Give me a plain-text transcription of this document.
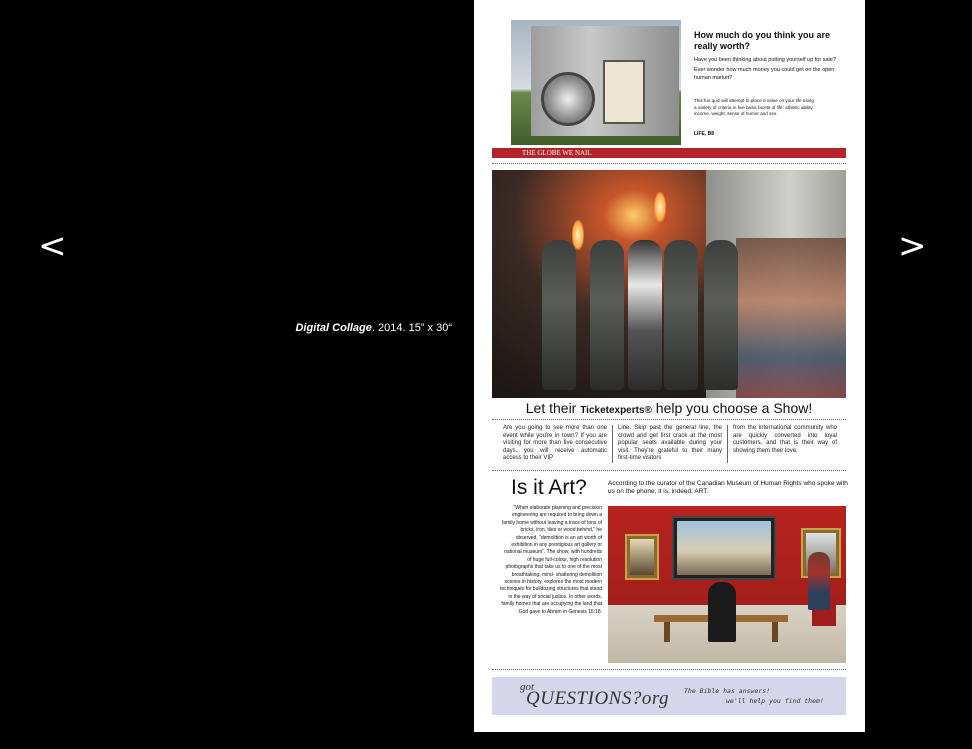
<	>
Digital Collage. 2014. 15” x 30“
How much do you think you are really worth?

Have you been thinking about putting yourself up for sale?

Ever wonder how much money you could get on the open human market?

This fun quiz will attempt to place a value on your life using a variety of criteria in five basic facets of life: athletic ability, income, weight, sense of humor and sex.
LIFE, B8
THE GLOBE WE NAIL
Let their Ticketexperts® help you choose a Show!
Are you going to see more than one event while you're in town? If you are visiting for more than five consecutive days, you will receive automatic access to their VIP
Line. Skip past the general line, the crowd and get first crack at the most popular seats available during your visit. They're grateful to their many first-time visitors
from the international community who are quickly converted into loyal customers, and that is their way of showing them their love.
Is it Art?	According to the curator of the Canadian Museum of Human Rights who spoke with us on the phone, it is, indeed, ART.
"When elaborate planning and precision engineering are required to bring down a family home without leaving a trace of tons of bricks, iron, tiles or wood behind," he observed, "demolition is an art worth of exhibition in any prestigious art gallery or national museum". The show, with hundreds of huge full-colour, high resolution photographs that take us to one of the most breathtaking, mind- shattering demolition scenes in history, explores the most modern techniques for bulldozing structures that stand in the way of social justice. In other words, family homes that are occupying the land that God gave to Abram in Genesis 15:18.
got
QUESTIONS?org The Bible has answers!
we'll help you find them!
